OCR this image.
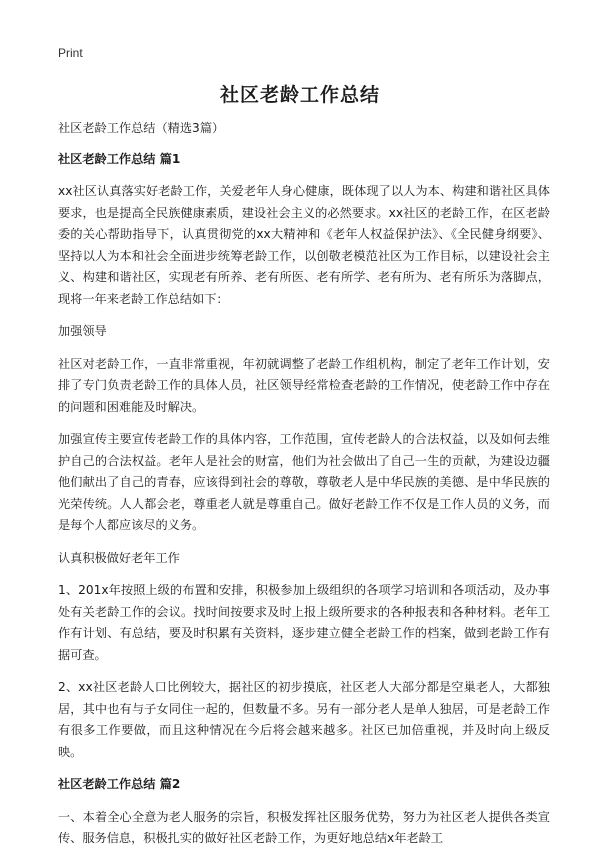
Print
社区老龄工作总结

社区老龄工作总结（精选3篇）

社区老龄工作总结 篇1

xx社区认真落实好老龄工作，关爱老年人身心健康，既体现了以人为本、构建和谐社区具体要求，也是提高全民族健康素质，建设社会主义的必然要求。xx社区的老龄工作，在区老龄委的关心帮助指导下，认真贯彻党的xx大精神和《老年人权益保护法》、《全民健身纲要》、坚持以人为本和社会全面进步统筹老龄工作，以创敬老模范社区为工作目标，以建设社会主义、构建和谐社区，实现老有所养、老有所医、老有所学、老有所为、老有所乐为落脚点，现将一年来老龄工作总结如下：

加强领导

社区对老龄工作，一直非常重视，年初就调整了老龄工作组机构，制定了老年工作计划，安排了专门负责老龄工作的具体人员，社区领导经常检查老龄的工作情况，使老龄工作中存在的问题和困难能及时解决。

加强宣传主要宣传老龄工作的具体内容，工作范围，宣传老龄人的合法权益，以及如何去维护自己的合法权益。老年人是社会的财富，他们为社会做出了自己一生的贡献，为建设边疆他们献出了自己的青春，应该得到社会的尊敬，尊敬老人是中华民族的美德、是中华民族的光荣传统。人人都会老，尊重老人就是尊重自己。做好老龄工作不仅是工作人员的义务，而是每个人都应该尽的义务。

认真积极做好老年工作

1、201x年按照上级的布置和安排，积极参加上级组织的各项学习培训和各项活动，及办事处有关老龄工作的会议。找时间按要求及时上报上级所要求的各种报表和各种材料。老年工作有计划、有总结，要及时积累有关资料，逐步建立健全老龄工作的档案，做到老龄工作有据可查。

2、xx社区老龄人口比例较大，据社区的初步摸底，社区老人大部分都是空巢老人，大都独居，其中也有与子女同住一起的，但数量不多。另有一部分老人是单人独居，可是老龄工作有很多工作要做，而且这种情况在今后将会越来越多。社区已加倍重视，并及时向上级反映。

社区老龄工作总结 篇2

一、本着全心全意为老人服务的宗旨，积极发挥社区服务优势，努力为社区老人提供各类宣传、服务信息，积极扎实的做好社区老龄工作，为更好地总结x年老龄工
